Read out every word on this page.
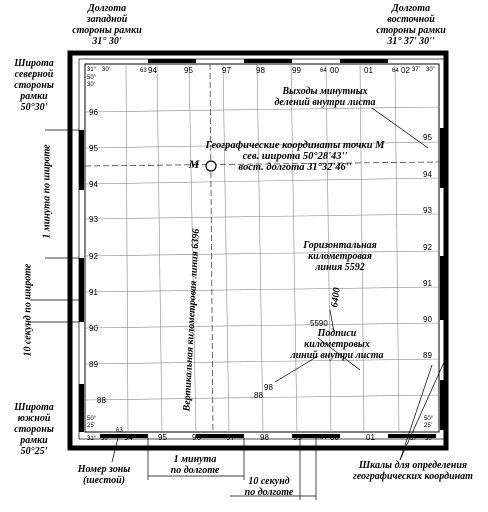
63 94	95	97	98	99	64 00	01	64 02
63
94	95	96	97	98	99	64 00	01
96
95
94
93
92
91
90
89
88
95
94
93
92
91
90
89
31° 30'
50°
30'
37' 30"
50°
25'
31° 30'
50°
25'
37' 30"
5590
98
88
Долгота
западной
стороны рамки
31° 30'
Долгота
восточной
стороны рамки
31° 37' 30''
Широта
северной
стороны
рамки
50°30'
Широта
южной
стороны
рамки
50°25'
Выходы минутных
делений внутри листа
Географические координаты точки М
сев. широта 50°28'43''
вост. долгота 31°32'46''
М
Горизонтальная
километровая
линия 5592
Подписи
километровых
линий внутри листа
6400
Вертикальная километровая линия 6396
1 минута по широте
10 секунд по широте
Номер зоны
(шестой)
1 минута
по долготе
10 секунд
по долготе
Шкалы для определения
географических координат
